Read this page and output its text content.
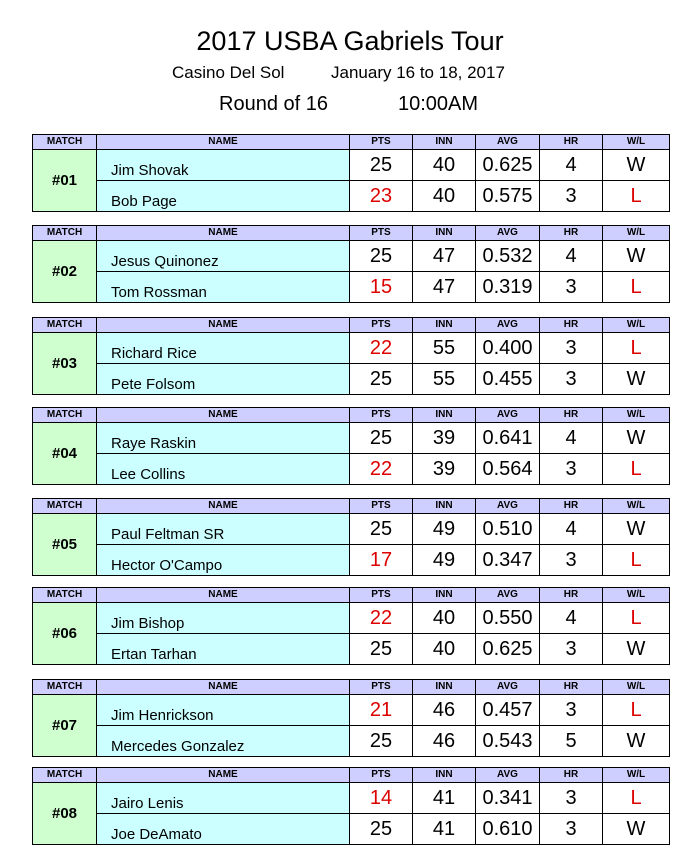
2017 USBA Gabriels Tour
Casino Del Sol	January 16 to 18, 2017
Round of 16	10:00AM
MATCH	NAME	PTS	INN	AVG	HR	W/L
#01	Jim Shovak	25	40	0.625	4	W
	Bob Page	23	40	0.575	3	L
MATCH	NAME	PTS	INN	AVG	HR	W/L
#02	Jesus Quinonez	25	47	0.532	4	W
	Tom Rossman	15	47	0.319	3	L
MATCH	NAME	PTS	INN	AVG	HR	W/L
#03	Richard Rice	22	55	0.400	3	L
	Pete Folsom	25	55	0.455	3	W
MATCH	NAME	PTS	INN	AVG	HR	W/L
#04	Raye Raskin	25	39	0.641	4	W
	Lee Collins	22	39	0.564	3	L
MATCH	NAME	PTS	INN	AVG	HR	W/L
#05	Paul Feltman SR	25	49	0.510	4	W
	Hector O'Campo	17	49	0.347	3	L
MATCH	NAME	PTS	INN	AVG	HR	W/L
#06	Jim Bishop	22	40	0.550	4	L
	Ertan Tarhan	25	40	0.625	3	W
MATCH	NAME	PTS	INN	AVG	HR	W/L
#07	Jim Henrickson	21	46	0.457	3	L
	Mercedes Gonzalez	25	46	0.543	5	W
MATCH	NAME	PTS	INN	AVG	HR	W/L
#08	Jairo Lenis	14	41	0.341	3	L
	Joe DeAmato	25	41	0.610	3	W
